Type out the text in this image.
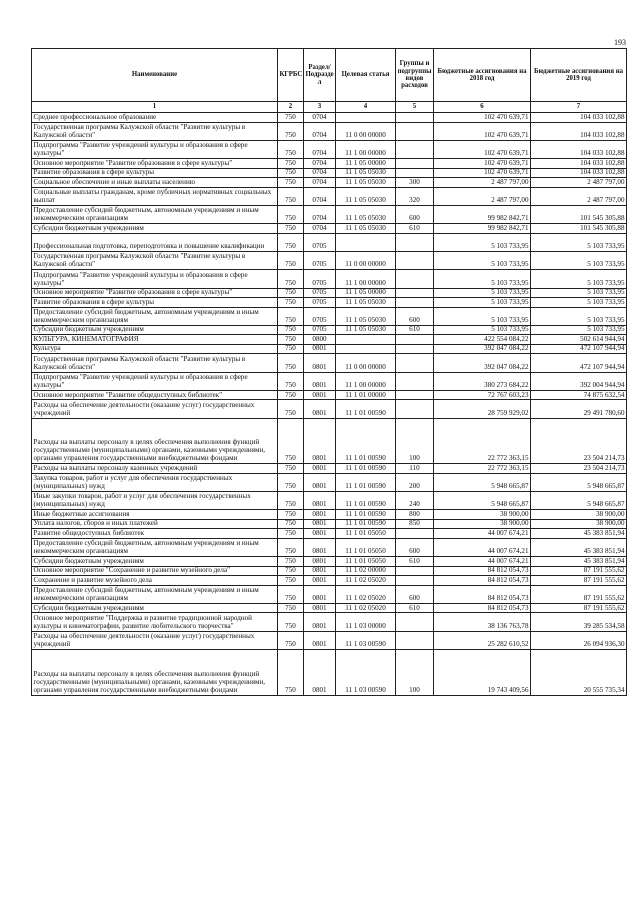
193
Наименование	КГРБС	Раздел/ Подразде л	Целевая статья	Группы и подгруппы видов расходов	Бюджетные ассигнования на 2018 год	Бюджетные ассигнования на 2019 год
1	2	3	4	5	6	7
Среднее профессиональное образование	750	0704			102 470 639,71	104 033 102,88
Государственная программа Калужской области "Развитие культуры в Калужской области"	750	0704	11 0 00 00000		102 470 639,71	104 033 102,88
Подпрограмма "Развитие учреждений культуры и образования в сфере культуры"	750	0704	11 1 00 00000		102 470 639,71	104 033 102,88
Основное мероприятие "Развитие образования в сфере культуры"	750	0704	11 1 05 00000		102 470 639,71	104 033 102,88
Развитие образования в сфере культуры	750	0704	11 1 05 05030		102 470 639,71	104 033 102,88
Социальное обеспечение и иные выплаты населению	750	0704	11 1 05 05030	300	2 487 797,00	2 487 797,00
Социальные выплаты гражданам, кроме публичных нормативных социальных выплат	750	0704	11 1 05 05030	320	2 487 797,00	2 487 797,00
Предоставление субсидий бюджетным, автономным учреждениям и иным некоммерческим организациям	750	0704	11 1 05 05030	600	99 982 842,71	101 545 305,88
Субсидии бюджетным учреждениям	750	0704	11 1 05 05030	610	99 982 842,71	101 545 305,88
Профессиональная подготовка, переподготовка и повышение квалификации	750	0705			5 103 733,95	5 103 733,95
Государственная программа Калужской области "Развитие культуры в Калужской области"	750	0705	11 0 00 00000		5 103 733,95	5 103 733,95
Подпрограмма "Развитие учреждений культуры и образования в сфере культуры"	750	0705	11 1 00 00000		5 103 733,95	5 103 733,95
Основное мероприятие "Развитие образования в сфере культуры"	750	0705	11 1 05 00000		5 103 733,95	5 103 733,95
Развитие образования в сфере культуры	750	0705	11 1 05 05030		5 103 733,95	5 103 733,95
Предоставление субсидий бюджетным, автономным учреждениям и иным некоммерческим организациям	750	0705	11 1 05 05030	600	5 103 733,95	5 103 733,95
Субсидии бюджетным учреждениям	750	0705	11 1 05 05030	610	5 103 733,95	5 103 733,95
КУЛЬТУРА, КИНЕМАТОГРАФИЯ	750	0800			422 554 084,22	502 614 944,94
Культура	750	0801			392 047 084,22	472 107 944,94
Государственная программа Калужской области "Развитие культуры в Калужской области"	750	0801	11 0 00 00000		392 047 084,22	472 107 944,94
Подпрограмма "Развитие учреждений культуры и образования в сфере культуры"	750	0801	11 1 00 00000		380 273 684,22	392 004 944,94
Основное мероприятие "Развитие общедоступных библиотек"	750	0801	11 1 01 00000		72 767 603,23	74 875 632,54
Расходы на обеспечение деятельности (оказание услуг) государственных учреждений	750	0801	11 1 01 00590		28 759 929,02	29 491 780,60
Расходы на выплаты персоналу в целях обеспечения выполнения функций государственными (муниципальными) органами, казенными учреждениями, органами управления государственными внебюджетными фондами	750	0801	11 1 01 00590	100	22 772 363,15	23 504 214,73
Расходы на выплаты персоналу казенных учреждений	750	0801	11 1 01 00590	110	22 772 363,15	23 504 214,73
Закупка товаров, работ и услуг для обеспечения государственных (муниципальных) нужд	750	0801	11 1 01 00590	200	5 948 665,87	5 948 665,87
Иные закупки товаров, работ и услуг для обеспечения государственных (муниципальных) нужд	750	0801	11 1 01 00590	240	5 948 665,87	5 948 665,87
Иные бюджетные ассигнования	750	0801	11 1 01 00590	800	38 900,00	38 900,00
Уплата налогов, сборов и иных платежей	750	0801	11 1 01 00590	850	38 900,00	38 900,00
Развитие общедоступных библиотек	750	0801	11 1 01 05050		44 007 674,21	45 383 851,94
Предоставление субсидий бюджетным, автономным учреждениям и иным некоммерческим организациям	750	0801	11 1 01 05050	600	44 007 674,21	45 383 851,94
Субсидии бюджетным учреждениям	750	0801	11 1 01 05050	610	44 007 674,21	45 383 851,94
Основное мероприятие "Сохранение и развитие музейного дела"	750	0801	11 1 02 00000		84 812 054,73	87 191 555,62
Сохранение и развитие музейного дела	750	0801	11 1 02 05020		84 812 054,73	87 191 555,62
Предоставление субсидий бюджетным, автономным учреждениям и иным некоммерческим организациям	750	0801	11 1 02 05020	600	84 812 054,73	87 191 555,62
Субсидии бюджетным учреждениям	750	0801	11 1 02 05020	610	84 812 054,73	87 191 555,62
Основное мероприятие "Поддержка и развитие традиционной народной культуры и кинематографии, развитие любительского творчества"	750	0801	11 1 03 00000		38 136 763,78	39 285 534,58
Расходы на обеспечение деятельности (оказание услуг) государственных учреждений	750	0801	11 1 03 00590		25 282 610,52	26 094 936,30
Расходы на выплаты персоналу в целях обеспечения выполнения функций государственными (муниципальными) органами, казенными учреждениями, органами управления государственными внебюджетными фондами	750	0801	11 1 03 00590	100	19 743 409,56	20 555 735,34
